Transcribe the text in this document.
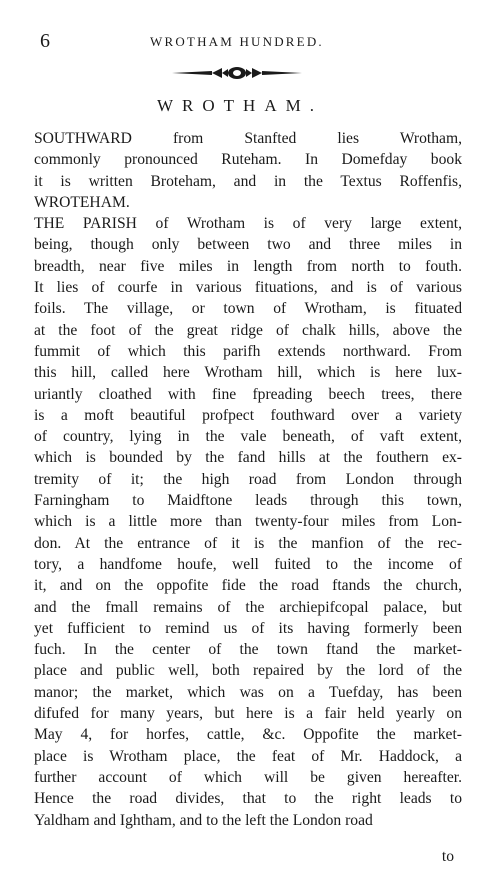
6	WROTHAM HUNDRED.
WROTHAM.
SOUTHWARD from Stanfted lies Wrotham,
commonly pronounced Ruteham. In Domefday book
it is written Broteham, and in the Textus Roffenfis,
WROTEHAM.
THE PARISH of Wrotham is of very large extent,
being, though only between two and three miles in
breadth, near five miles in length from north to fouth.
It lies of courfe in various fituations, and is of various
foils. The village, or town of Wrotham, is fituated
at the foot of the great ridge of chalk hills, above the
fummit of which this parifh extends northward. From
this hill, called here Wrotham hill, which is here lux-
uriantly cloathed with fine fpreading beech trees, there
is a moft beautiful profpect fouthward over a variety
of country, lying in the vale beneath, of vaft extent,
which is bounded by the fand hills at the fouthern ex-
tremity of it; the high road from London through
Farningham to Maidftone leads through this town,
which is a little more than twenty-four miles from Lon-
don. At the entrance of it is the manfion of the rec-
tory, a handfome houfe, well fuited to the income of
it, and on the oppofite fide the road ftands the church,
and the fmall remains of the archiepifcopal palace, but
yet fufficient to remind us of its having formerly been
fuch. In the center of the town ftand the market-
place and public well, both repaired by the lord of the
manor; the market, which was on a Tuefday, has been
difufed for many years, but here is a fair held yearly on
May 4, for horfes, cattle, &c. Oppofite the market-
place is Wrotham place, the feat of Mr. Haddock, a
further account of which will be given hereafter.
Hence the road divides, that to the right leads to
Yaldham and Ightham, and to the left the London road
to
